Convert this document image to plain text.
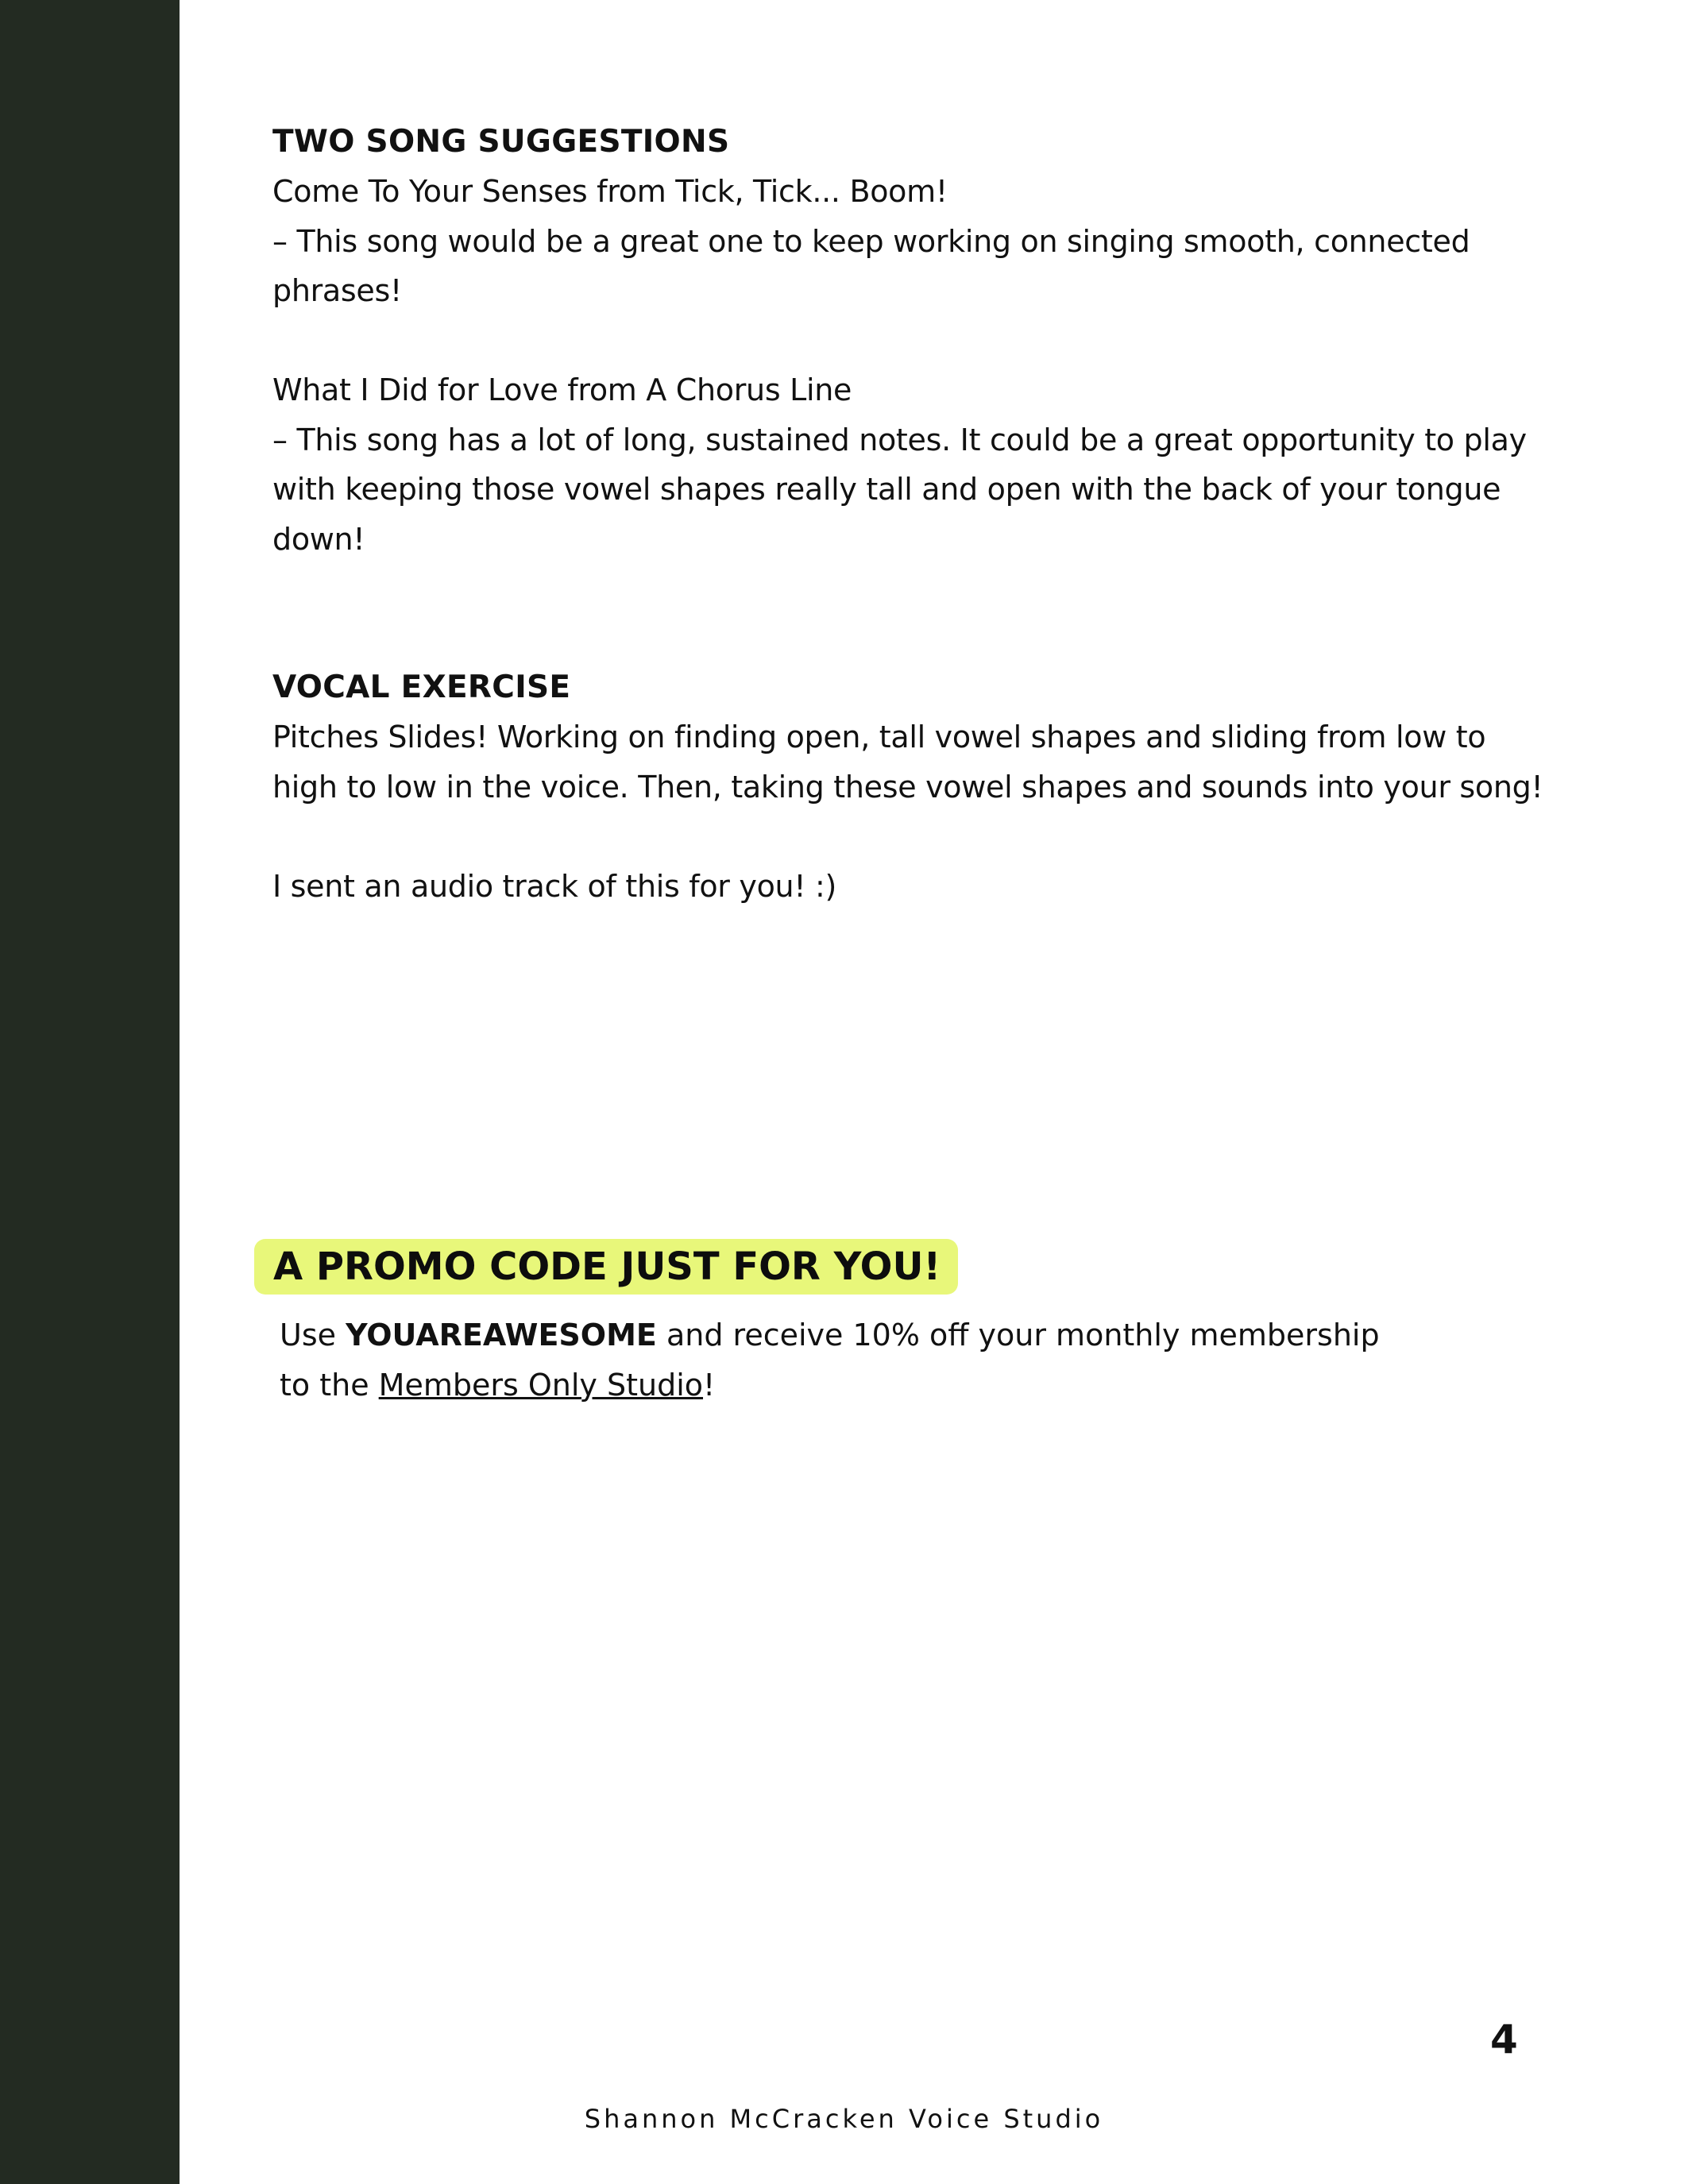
TWO SONG SUGGESTIONS

Come To Your Senses from Tick, Tick... Boom!

– This song would be a great one to keep working on singing smooth, connected

phrases!

What I Did for Love from A Chorus Line

– This song has a lot of long, sustained notes. It could be a great opportunity to play

with keeping those vowel shapes really tall and open with the back of your tongue

down!

VOCAL EXERCISE

Pitches Slides! Working on finding open, tall vowel shapes and sliding from low to

high to low in the voice. Then, taking these vowel shapes and sounds into your song!

I sent an audio track of this for you! :)

A PROMO CODE JUST FOR YOU!
Use YOUAREAWESOME and receive 10% off your monthly membership
to the Members Only Studio!
4
Shannon McCracken Voice Studio
